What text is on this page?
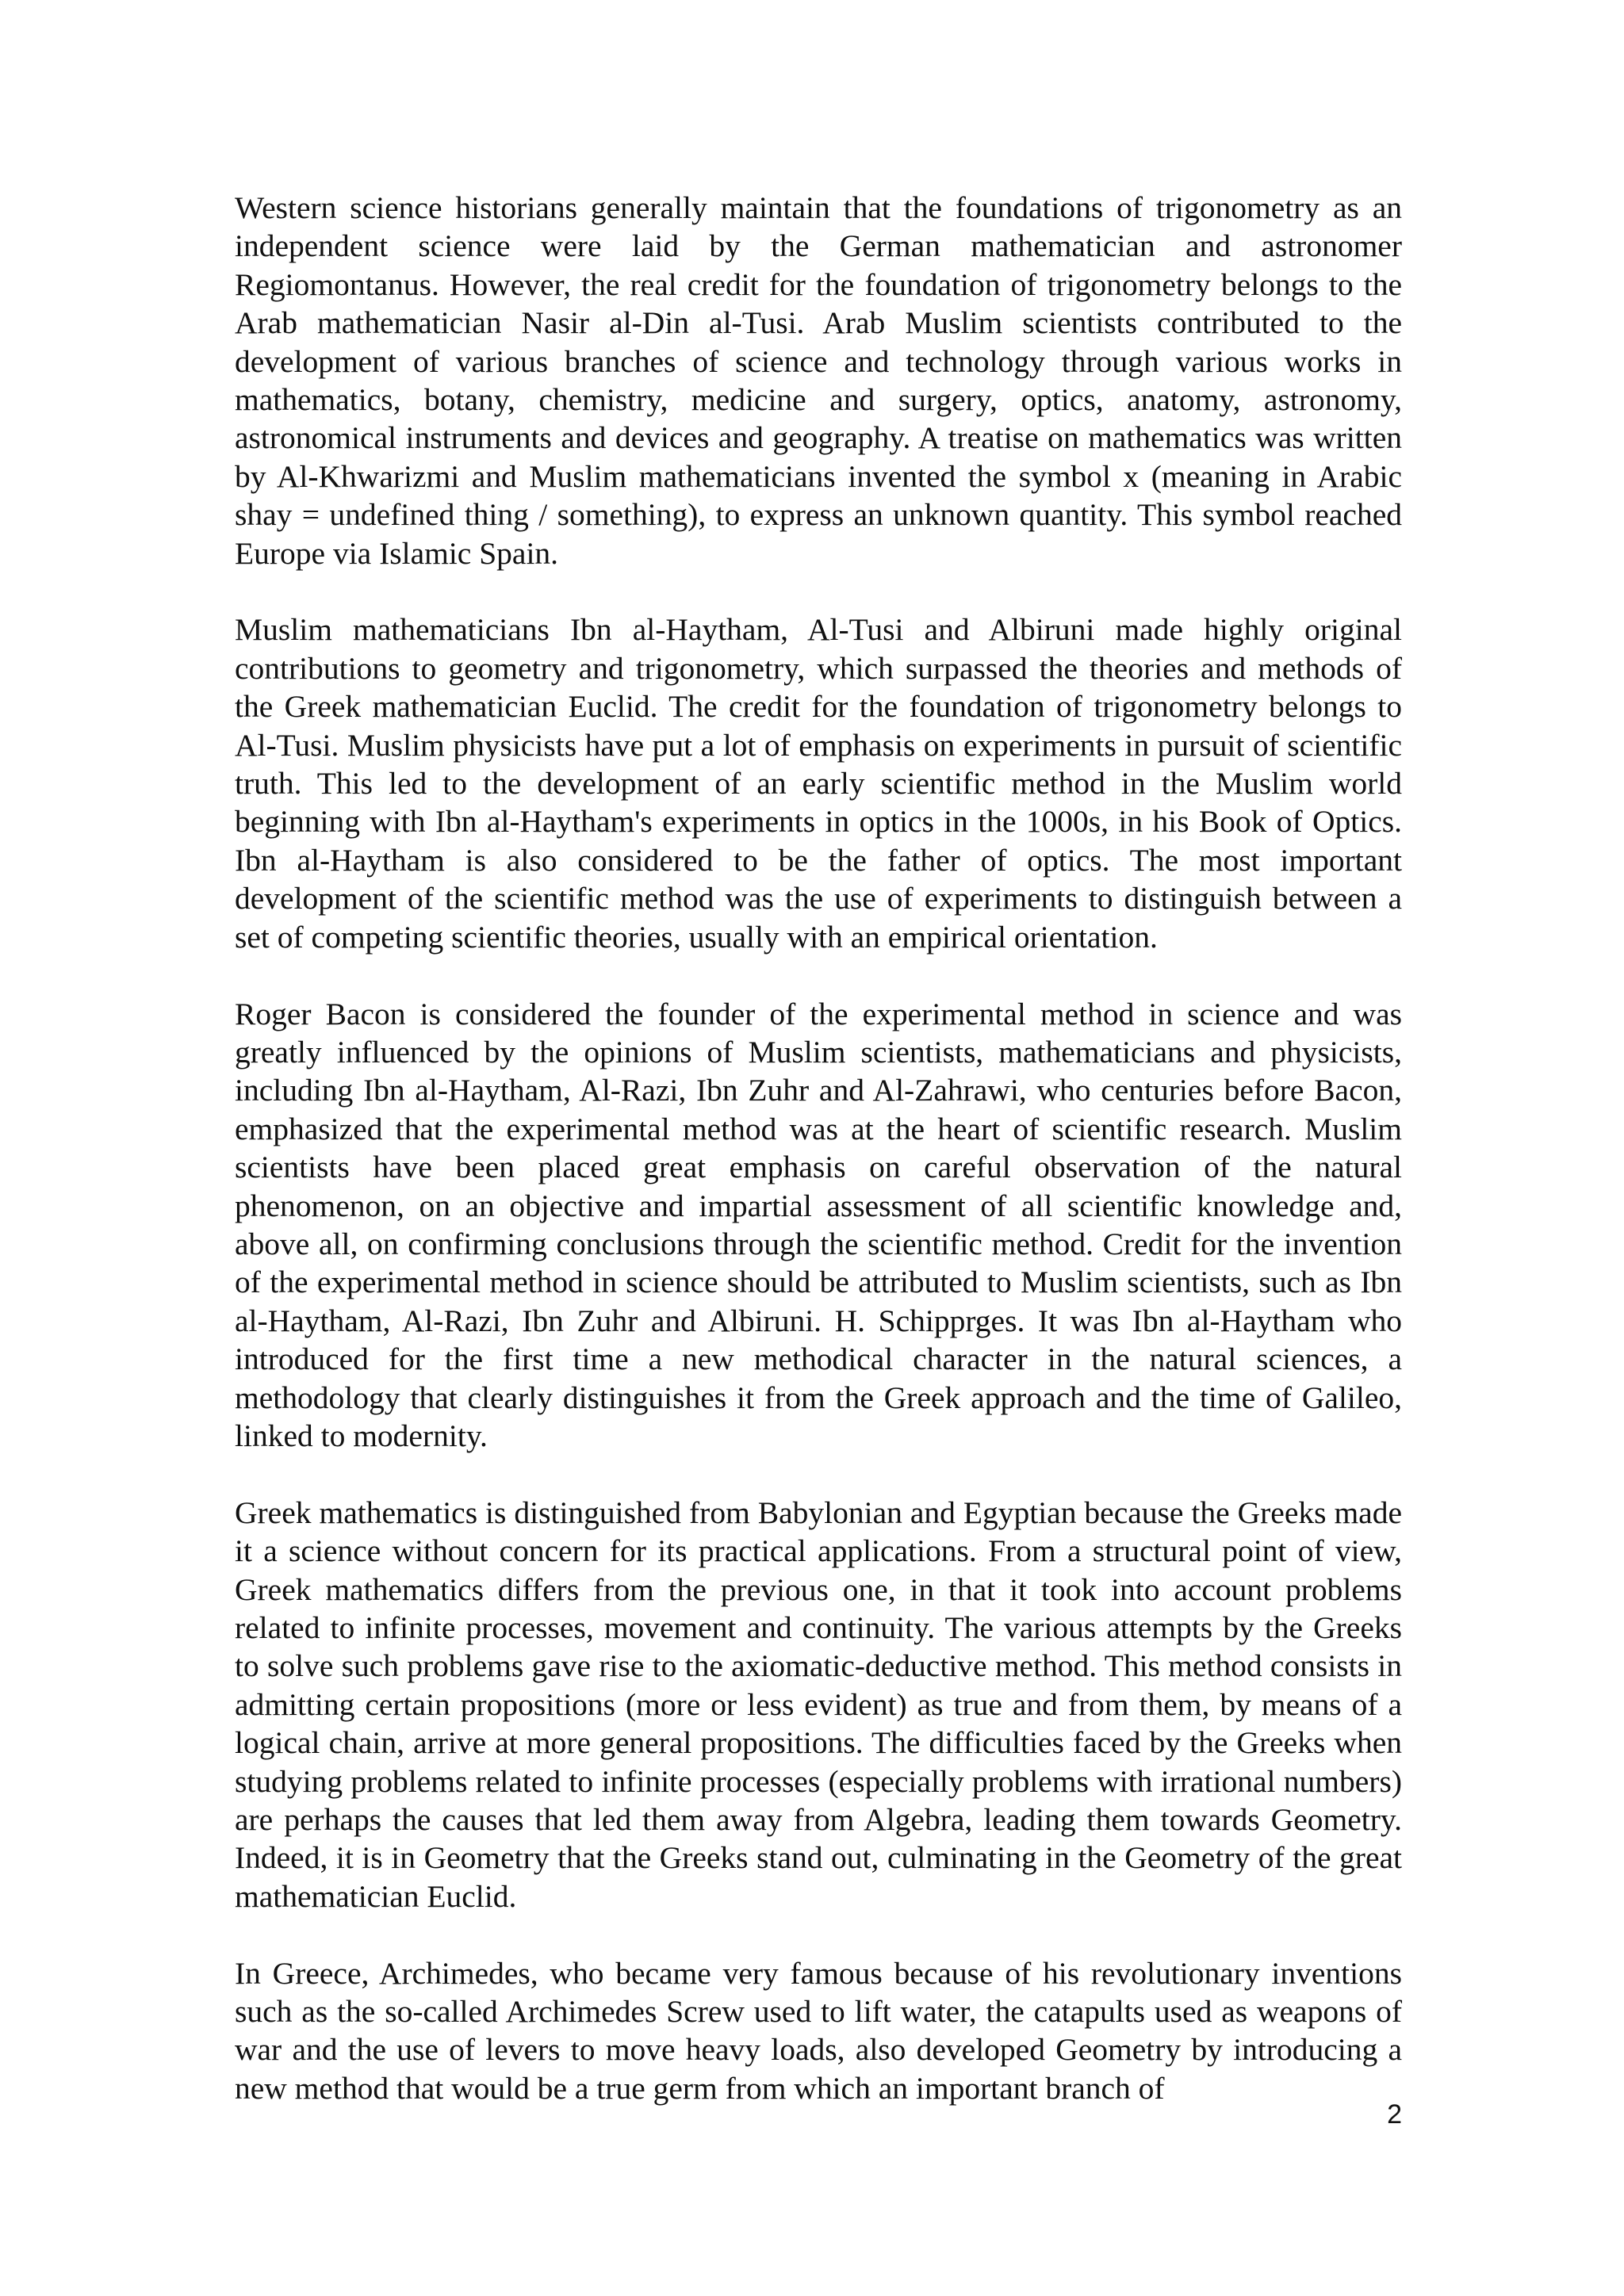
Western science historians generally maintain that the foundations of trigonometry as an independent science were laid by the German mathematician and astronomer Regiomontanus. However, the real credit for the foundation of trigonometry belongs to the Arab mathematician Nasir al-Din al-Tusi. Arab Muslim scientists contributed to the development of various branches of science and technology through various works in mathematics, botany, chemistry, medicine and surgery, optics, anatomy, astronomy, astronomical instruments and devices and geography. A treatise on mathematics was written by Al-Khwarizmi and Muslim mathematicians invented the symbol x (meaning in Arabic shay = undefined thing / something), to express an unknown quantity. This symbol reached Europe via Islamic Spain.

Muslim mathematicians Ibn al-Haytham, Al-Tusi and Albiruni made highly original contributions to geometry and trigonometry, which surpassed the theories and methods of the Greek mathematician Euclid. The credit for the foundation of trigonometry belongs to Al-Tusi. Muslim physicists have put a lot of emphasis on experiments in pursuit of scientific truth. This led to the development of an early scientific method in the Muslim world beginning with Ibn al-Haytham's experiments in optics in the 1000s, in his Book of Optics. Ibn al-Haytham is also considered to be the father of optics. The most important development of the scientific method was the use of experiments to distinguish between a set of competing scientific theories, usually with an empirical orientation.

Roger Bacon is considered the founder of the experimental method in science and was greatly influenced by the opinions of Muslim scientists, mathematicians and physicists, including Ibn al-Haytham, Al-Razi, Ibn Zuhr and Al-Zahrawi, who centuries before Bacon, emphasized that the experimental method was at the heart of scientific research. Muslim scientists have been placed great emphasis on careful observation of the natural phenomenon, on an objective and impartial assessment of all scientific knowledge and, above all, on confirming conclusions through the scientific method. Credit for the invention of the experimental method in science should be attributed to Muslim scientists, such as Ibn al-Haytham, Al-Razi, Ibn Zuhr and Albiruni. H. Schipprges. It was Ibn al-Haytham who introduced for the first time a new methodical character in the natural sciences, a methodology that clearly distinguishes it from the Greek approach and the time of Galileo, linked to modernity.

Greek mathematics is distinguished from Babylonian and Egyptian because the Greeks made it a science without concern for its practical applications. From a structural point of view, Greek mathematics differs from the previous one, in that it took into account problems related to infinite processes, movement and continuity. The various attempts by the Greeks to solve such problems gave rise to the axiomatic-deductive method. This method consists in admitting certain propositions (more or less evident) as true and from them, by means of a logical chain, arrive at more general propositions. The difficulties faced by the Greeks when studying problems related to infinite processes (especially problems with irrational numbers) are perhaps the causes that led them away from Algebra, leading them towards Geometry. Indeed, it is in Geometry that the Greeks stand out, culminating in the Geometry of the great mathematician Euclid.

In Greece, Archimedes, who became very famous because of his revolutionary inventions such as the so-called Archimedes Screw used to lift water, the catapults used as weapons of war and the use of levers to move heavy loads, also developed Geometry by introducing a new method that would be a true germ from which an important branch of

2
